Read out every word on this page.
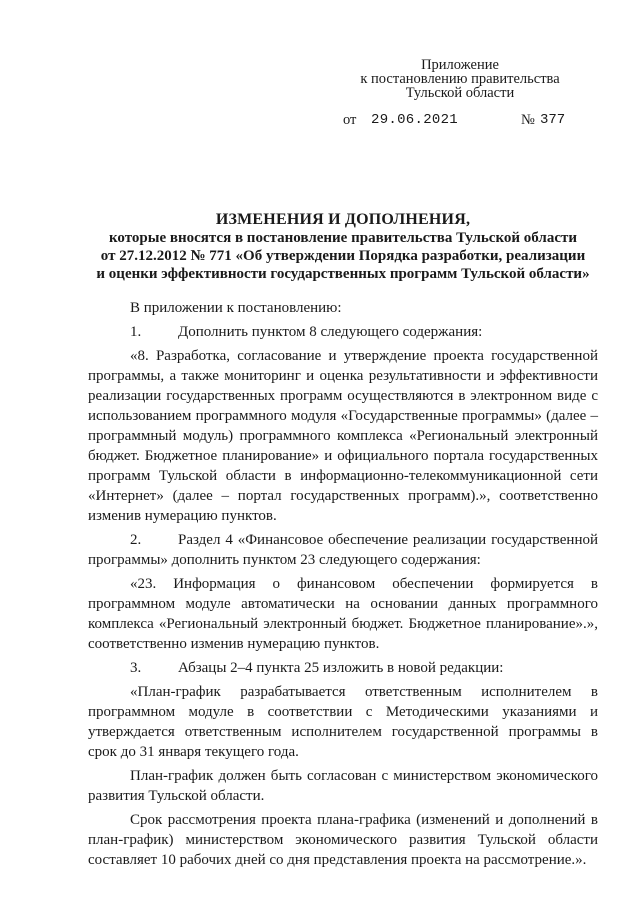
Приложение
к постановлению правительства
Тульской области
от 29.06.2021	№ 377
ИЗМЕНЕНИЯ И ДОПОЛНЕНИЯ,
которые вносятся в постановление правительства Тульской области
от 27.12.2012 № 771 «Об утверждении Порядка разработки, реализации
и оценки эффективности государственных программ Тульской области»

В приложении к постановлению:

1. Дополнить пунктом 8 следующего содержания:

«8. Разработка, согласование и утверждение проекта государственной программы, а также мониторинг и оценка результативности и эффективности реализации государственных программ осуществляются в электронном виде с использованием программного модуля «Государственные программы» (далее – программный модуль) программного комплекса «Региональный электронный бюджет. Бюджетное планирование» и официального портала государственных программ Тульской области в информационно-телекоммуникационной сети «Интернет» (далее – портал государственных программ).», соответственно изменив нумерацию пунктов.

2. Раздел 4 «Финансовое обеспечение реализации государственной программы» дополнить пунктом 23 следующего содержания:

«23. Информация о финансовом обеспечении формируется в программном модуле автоматически на основании данных программного комплекса «Региональный электронный бюджет. Бюджетное планирование».», соответственно изменив нумерацию пунктов.

3. Абзацы 2–4 пункта 25 изложить в новой редакции:

«План-график разрабатывается ответственным исполнителем в программном модуле в соответствии с Методическими указаниями и утверждается ответственным исполнителем государственной программы в срок до 31 января текущего года.

План-график должен быть согласован с министерством экономического развития Тульской области.

Срок рассмотрения проекта плана-графика (изменений и дополнений в план-график) министерством экономического развития Тульской области составляет 10 рабочих дней со дня представления проекта на рассмотрение.».
